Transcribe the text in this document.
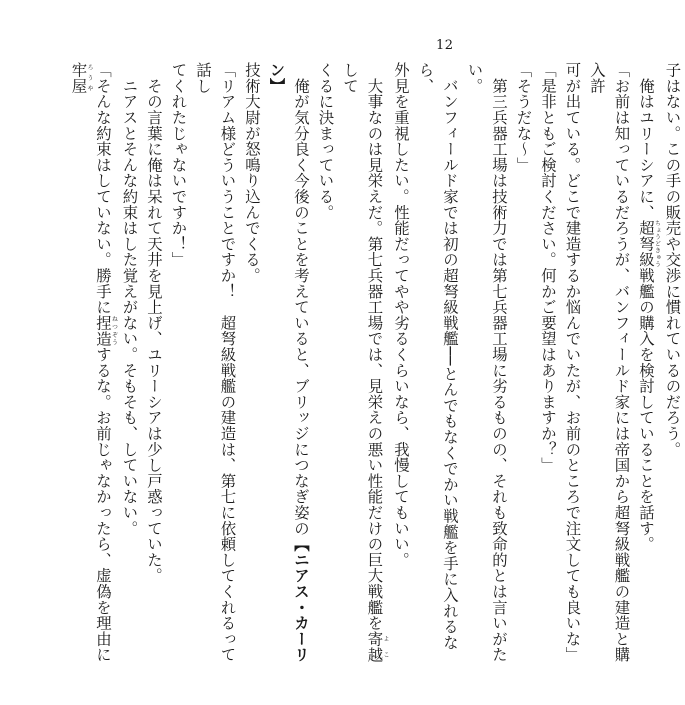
12
子はない。この手の販売や交渉に慣れているのだろう。
　俺はユリーシアに、超弩級ちょうどきゅう戦艦の購入を検討していることを話す。
「お前は知っているだろうが、バンフィールド家には帝国から超弩級戦艦の建造と購入許
可が出ている。どこで建造するか悩んでいたが、お前のところで注文しても良いな」
「是非ともご検討ください。何かご要望はありますか？」
「そうだな〜」
　第三兵器工場は技術力では第七兵器工場に劣るものの、それも致命的とは言いがたい。
　バンフィールド家では初の超弩級戦艦──とんでもなくでかい戦艦を手に入れるなら、
外見を重視したい。性能だってやや劣るくらいなら、我慢してもいい。
　大事なのは見栄えだ。第七兵器工場では、見栄えの悪い性能だけの巨大戦艦を寄越よこして
くるに決まっている。
　俺が気分良く今後のことを考えていると、ブリッジにつなぎ姿の【ニアス・カーリン】
技術大尉が怒鳴り込んでくる。
「リアム様どういうことですか！　超弩級戦艦の建造は、第七に依頼してくれるって話し
てくれたじゃないですか！」
　その言葉に俺は呆れて天井を見上げ、ユリーシアは少し戸惑っていた。
　ニアスとそんな約束はした覚えがない。そもそも、していない。
「そんな約束はしていない。勝手に捏造ねつぞうするな。お前じゃなかったら、虚偽を理由に牢屋ろうや
